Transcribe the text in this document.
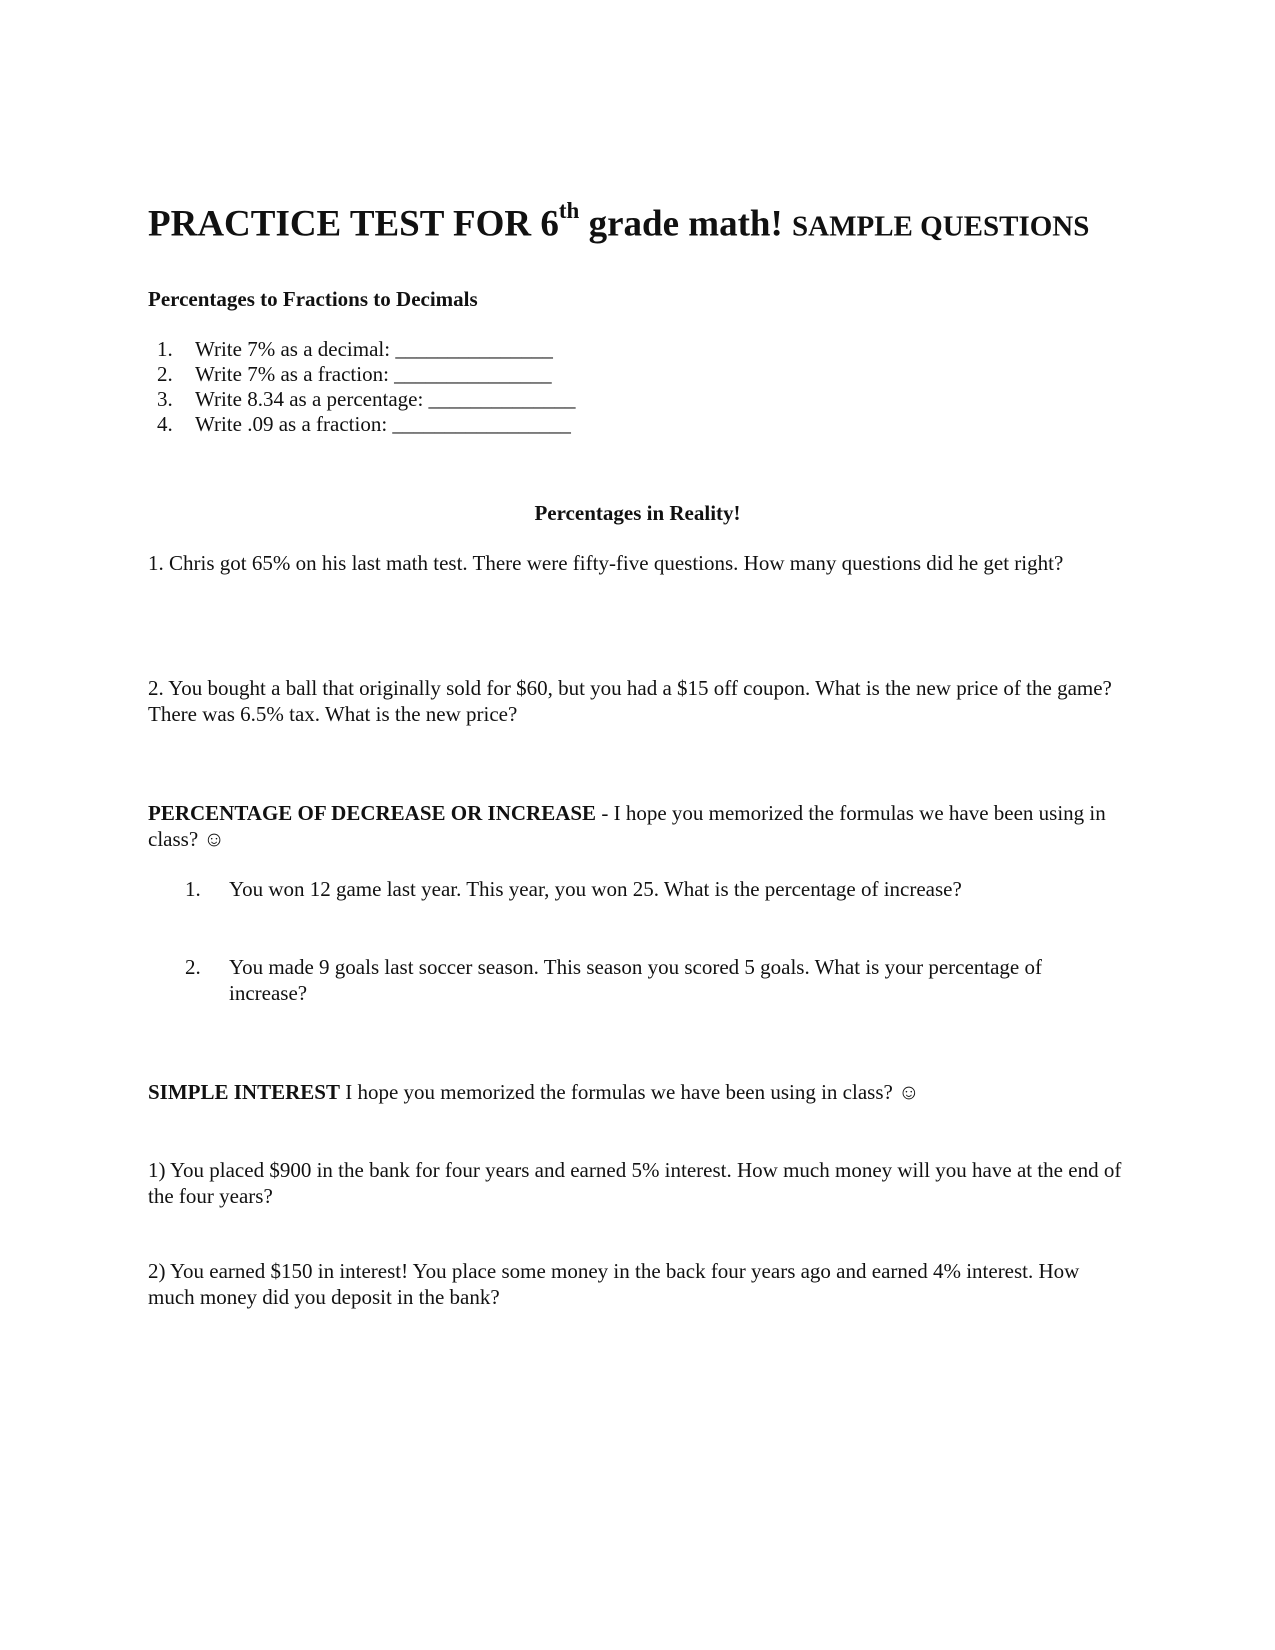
PRACTICE TEST FOR 6th grade math! SAMPLE QUESTIONS
Percentages to Fractions to Decimals
1. Write 7% as a decimal: _______________
2. Write 7% as a fraction: _______________
3. Write 8.34 as a percentage: ______________
4. Write .09 as a fraction: _________________
Percentages in Reality!
1. Chris got 65% on his last math test. There were fifty-five questions. How many questions did he get right?
2. You bought a ball that originally sold for $60, but you had a $15 off coupon. What is the new price of the game? There was 6.5% tax. What is the new price?
PERCENTAGE OF DECREASE OR INCREASE - I hope you memorized the formulas we have been using in class? ☺
1. You won 12 game last year. This year, you won 25. What is the percentage of increase?
2. You made 9 goals last soccer season. This season you scored 5 goals. What is your percentage of increase?
SIMPLE INTEREST I hope you memorized the formulas we have been using in class? ☺
1) You placed $900 in the bank for four years and earned 5% interest. How much money will you have at the end of the four years?
2) You earned $150 in interest! You place some money in the back four years ago and earned 4% interest. How much money did you deposit in the bank?
